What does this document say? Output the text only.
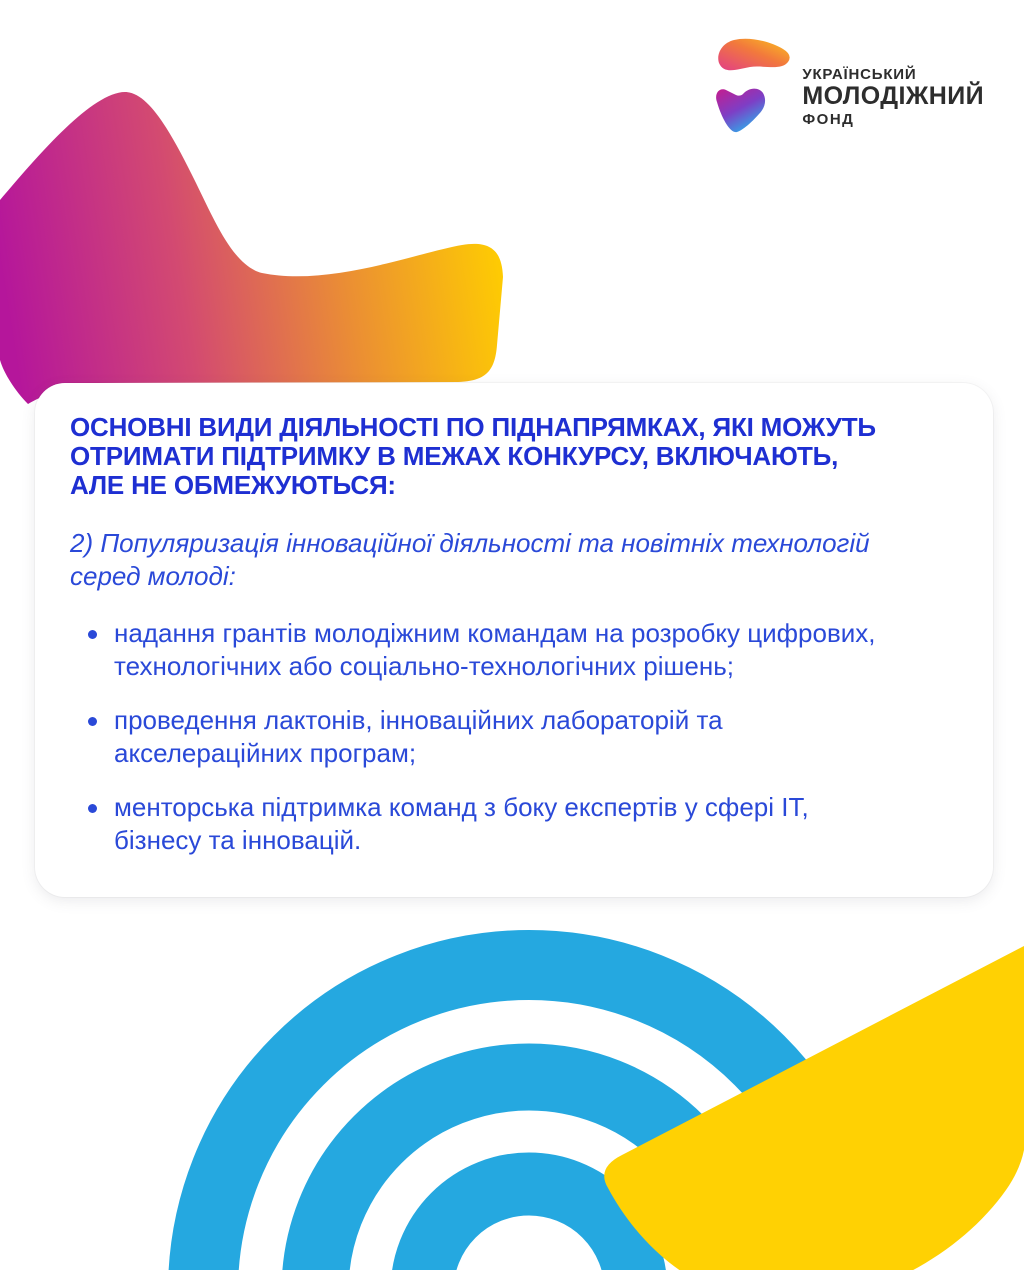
УКРАЇНСЬКИЙ
МОЛОДІЖНИЙ
ФОНД
ОСНОВНІ ВИДИ ДІЯЛЬНОСТІ ПО ПІДНАПРЯМКАХ, ЯКІ МОЖУТЬ
ОТРИМАТИ ПІДТРИМКУ В МЕЖАХ КОНКУРСУ, ВКЛЮЧАЮТЬ,
АЛЕ НЕ ОБМЕЖУЮТЬСЯ:
2) Популяризація інноваційної діяльності та новітніх технологій
серед молоді:
надання грантів молодіжним командам на розробку цифрових,
технологічних або соціально-технологічних рішень;
проведення лактонів, інноваційних лабораторій та
акселераційних програм;
менторська підтримка команд з боку експертів у сфері ІТ,
бізнесу та інновацій.
